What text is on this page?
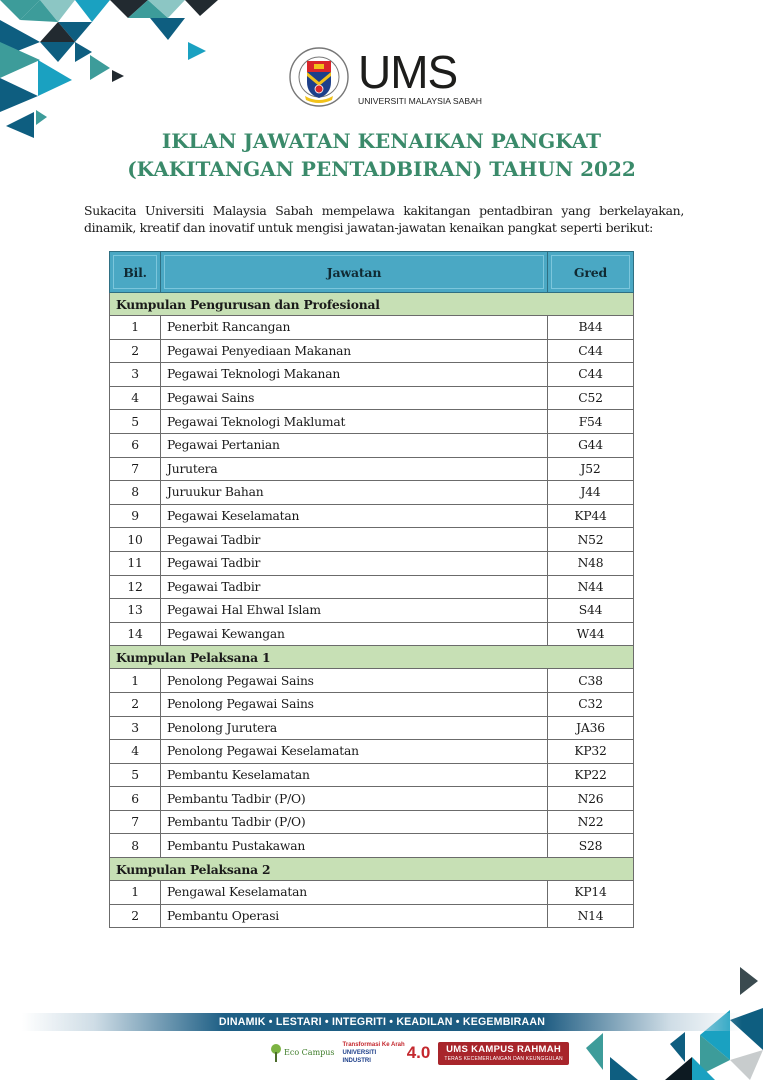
UMS
UNIVERSITI MALAYSIA SABAH
IKLAN JAWATAN KENAIKAN PANGKAT
(KAKITANGAN PENTADBIRAN) TAHUN 2022
Sukacita Universiti Malaysia Sabah mempelawa kakitangan pentadbiran yang berkelayakan, dinamik, kreatif dan inovatif untuk mengisi jawatan-jawatan kenaikan pangkat seperti berikut:
Bil.	Jawatan	Gred
Kumpulan Pengurusan dan Profesional		
1	Penerbit Rancangan	B44
2	Pegawai Penyediaan Makanan	C44
3	Pegawai Teknologi Makanan	C44
4	Pegawai Sains	C52
5	Pegawai Teknologi Maklumat	F54
6	Pegawai Pertanian	G44
7	Jurutera	J52
8	Juruukur Bahan	J44
9	Pegawai Keselamatan	KP44
10	Pegawai Tadbir	N52
11	Pegawai Tadbir	N48
12	Pegawai Tadbir	N44
13	Pegawai Hal Ehwal Islam	S44
14	Pegawai Kewangan	W44
Kumpulan Pelaksana 1		
1	Penolong Pegawai Sains	C38
2	Penolong Pegawai Sains	C32
3	Penolong Jurutera	JA36
4	Penolong Pegawai Keselamatan	KP32
5	Pembantu Keselamatan	KP22
6	Pembantu Tadbir (P/O)	N26
7	Pembantu Tadbir (P/O)	N22
8	Pembantu Pustakawan	S28
Kumpulan Pelaksana 2		
1	Pengawal Keselamatan	KP14
2	Pembantu Operasi	N14
DINAMIK • LESTARI • INTEGRITI • KEADILAN • KEGEMBIRAAN
Eco Campus
Transformasi Ke Arah
UNIVERSITI
INDUSTRI	4.0 UMS KAMPUS RAHMAH
TERAS KECEMERLANGAN DAN KEUNGGULAN
